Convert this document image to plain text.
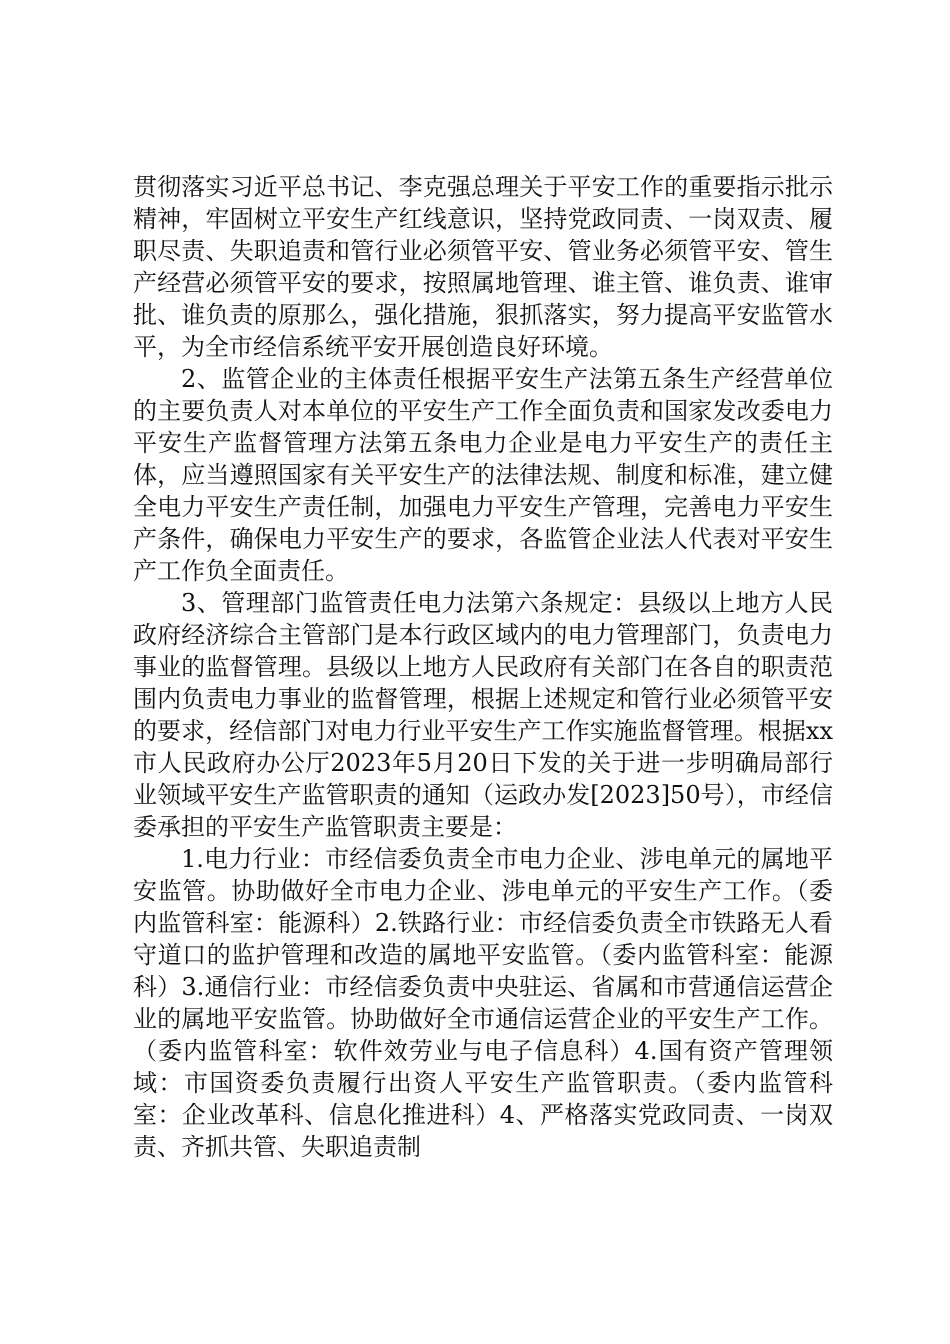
贯彻落实习近平总书记、李克强总理关于平安工作的重要指示批示精神，牢固树立平安生产红线意识，坚持党政同责、一岗双责、履职尽责、失职追责和管行业必须管平安、管业务必须管平安、管生产经营必须管平安的要求，按照属地管理、谁主管、谁负责、谁审批、谁负责的原那么，强化措施，狠抓落实，努力提高平安监管水平，为全市经信系统平安开展创造良好环境。

2、监管企业的主体责任根据平安生产法第五条生产经营单位的主要负责人对本单位的平安生产工作全面负责和国家发改委电力平安生产监督管理方法第五条电力企业是电力平安生产的责任主体，应当遵照国家有关平安生产的法律法规、制度和标准，建立健全电力平安生产责任制，加强电力平安生产管理，完善电力平安生产条件，确保电力平安生产的要求，各监管企业法人代表对平安生产工作负全面责任。

3、管理部门监管责任电力法第六条规定：县级以上地方人民政府经济综合主管部门是本行政区域内的电力管理部门，负责电力事业的监督管理。县级以上地方人民政府有关部门在各自的职责范围内负责电力事业的监督管理，根据上述规定和管行业必须管平安的要求，经信部门对电力行业平安生产工作实施监督管理。根据xx市人民政府办公厅2023年5月20日下发的关于进一步明确局部行业领域平安生产监管职责的通知（运政办发[2023]50号），市经信委承担的平安生产监管职责主要是：

1.电力行业：市经信委负责全市电力企业、涉电单元的属地平安监管。协助做好全市电力企业、涉电单元的平安生产工作。（委内监管科室：能源科）2.铁路行业：市经信委负责全市铁路无人看守道口的监护管理和改造的属地平安监管。（委内监管科室：能源科）3.通信行业：市经信委负责中央驻运、省属和市营通信运营企业的属地平安监管。协助做好全市通信运营企业的平安生产工作。（委内监管科室：软件效劳业与电子信息科）4.国有资产管理领域：市国资委负责履行出资人平安生产监管职责。（委内监管科室：企业改革科、信息化推进科）4、严格落实党政同责、一岗双责、齐抓共管、失职追责制
